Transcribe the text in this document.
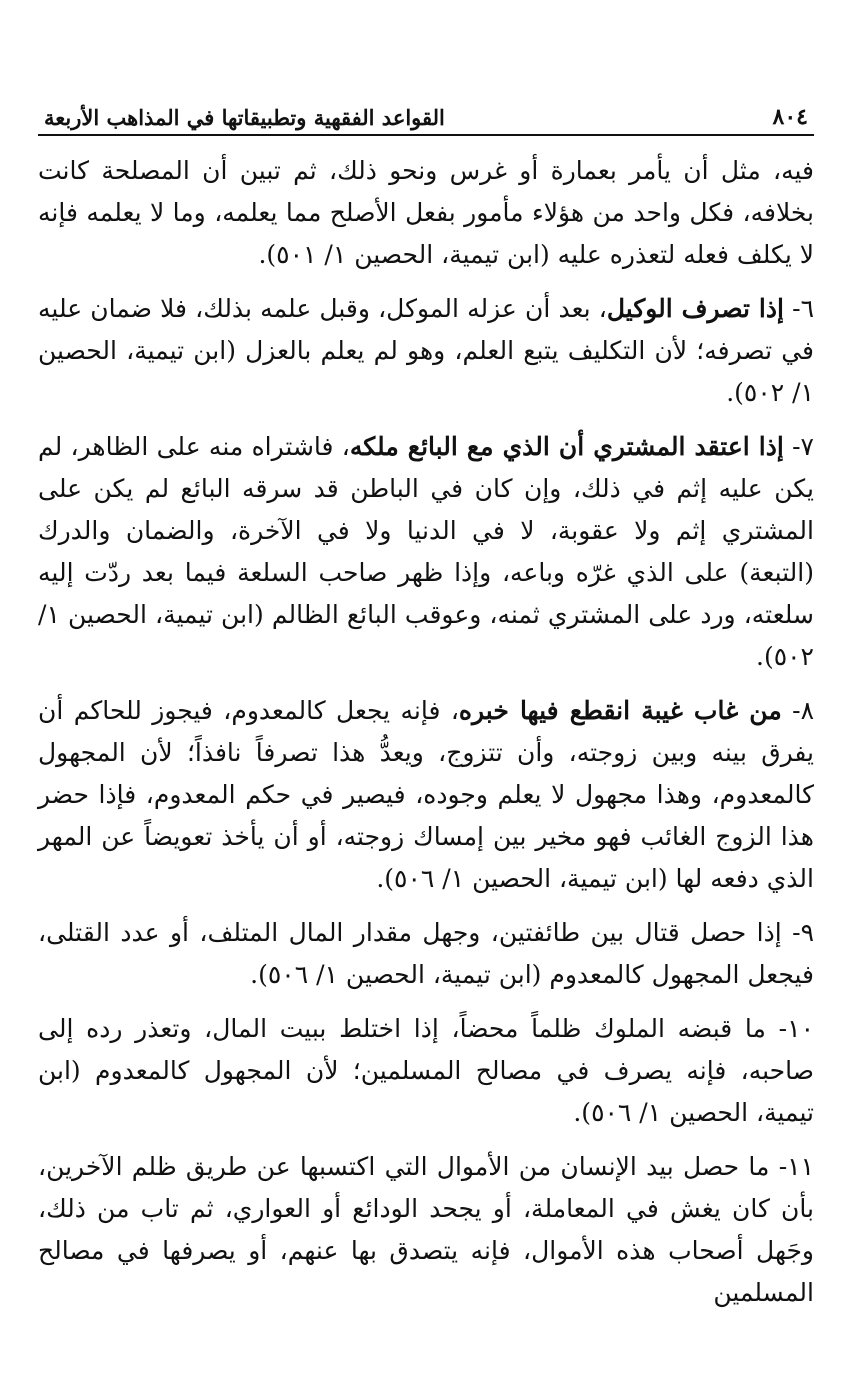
٨٠٤
القواعد الفقهية وتطبيقاتها في المذاهب الأربعة

فيه، مثل أن يأمر بعمارة أو غرس ونحو ذلك، ثم تبين أن المصلحة كانت بخلافه، فكل واحد من هؤلاء مأمور بفعل الأصلح مما يعلمه، وما لا يعلمه فإنه لا يكلف فعله لتعذره عليه (ابن تيمية، الحصين ١/ ٥٠١).

٦- إذا تصرف الوكيل، بعد أن عزله الموكل، وقبل علمه بذلك، فلا ضمان عليه في تصرفه؛ لأن التكليف يتبع العلم، وهو لم يعلم بالعزل (ابن تيمية، الحصين ١/ ٥٠٢).

٧- إذا اعتقد المشتري أن الذي مع البائع ملكه، فاشتراه منه على الظاهر، لم يكن عليه إثم في ذلك، وإن كان في الباطن قد سرقه البائع لم يكن على المشتري إثم ولا عقوبة، لا في الدنيا ولا في الآخرة، والضمان والدرك (التبعة) على الذي غرّه وباعه، وإذا ظهر صاحب السلعة فيما بعد ردّت إليه سلعته، ورد على المشتري ثمنه، وعوقب البائع الظالم (ابن تيمية، الحصين ١/ ٥٠٢).

٨- من غاب غيبة انقطع فيها خبره، فإنه يجعل كالمعدوم، فيجوز للحاكم أن يفرق بينه وبين زوجته، وأن تتزوج، ويعدُّ هذا تصرفاً نافذاً؛ لأن المجهول كالمعدوم، وهذا مجهول لا يعلم وجوده، فيصير في حكم المعدوم، فإذا حضر هذا الزوج الغائب فهو مخير بين إمساك زوجته، أو أن يأخذ تعويضاً عن المهر الذي دفعه لها (ابن تيمية، الحصين ١/ ٥٠٦).

٩- إذا حصل قتال بين طائفتين، وجهل مقدار المال المتلف، أو عدد القتلى، فيجعل المجهول كالمعدوم (ابن تيمية، الحصين ١/ ٥٠٦).

١٠- ما قبضه الملوك ظلماً محضاً، إذا اختلط ببيت المال، وتعذر رده إلى صاحبه، فإنه يصرف في مصالح المسلمين؛ لأن المجهول كالمعدوم (ابن تيمية، الحصين ١/ ٥٠٦).

١١- ما حصل بيد الإنسان من الأموال التي اكتسبها عن طريق ظلم الآخرين، بأن كان يغش في المعاملة، أو يجحد الودائع أو العواري، ثم تاب من ذلك، وجَهل أصحاب هذه الأموال، فإنه يتصدق بها عنهم، أو يصرفها في مصالح المسلمين
